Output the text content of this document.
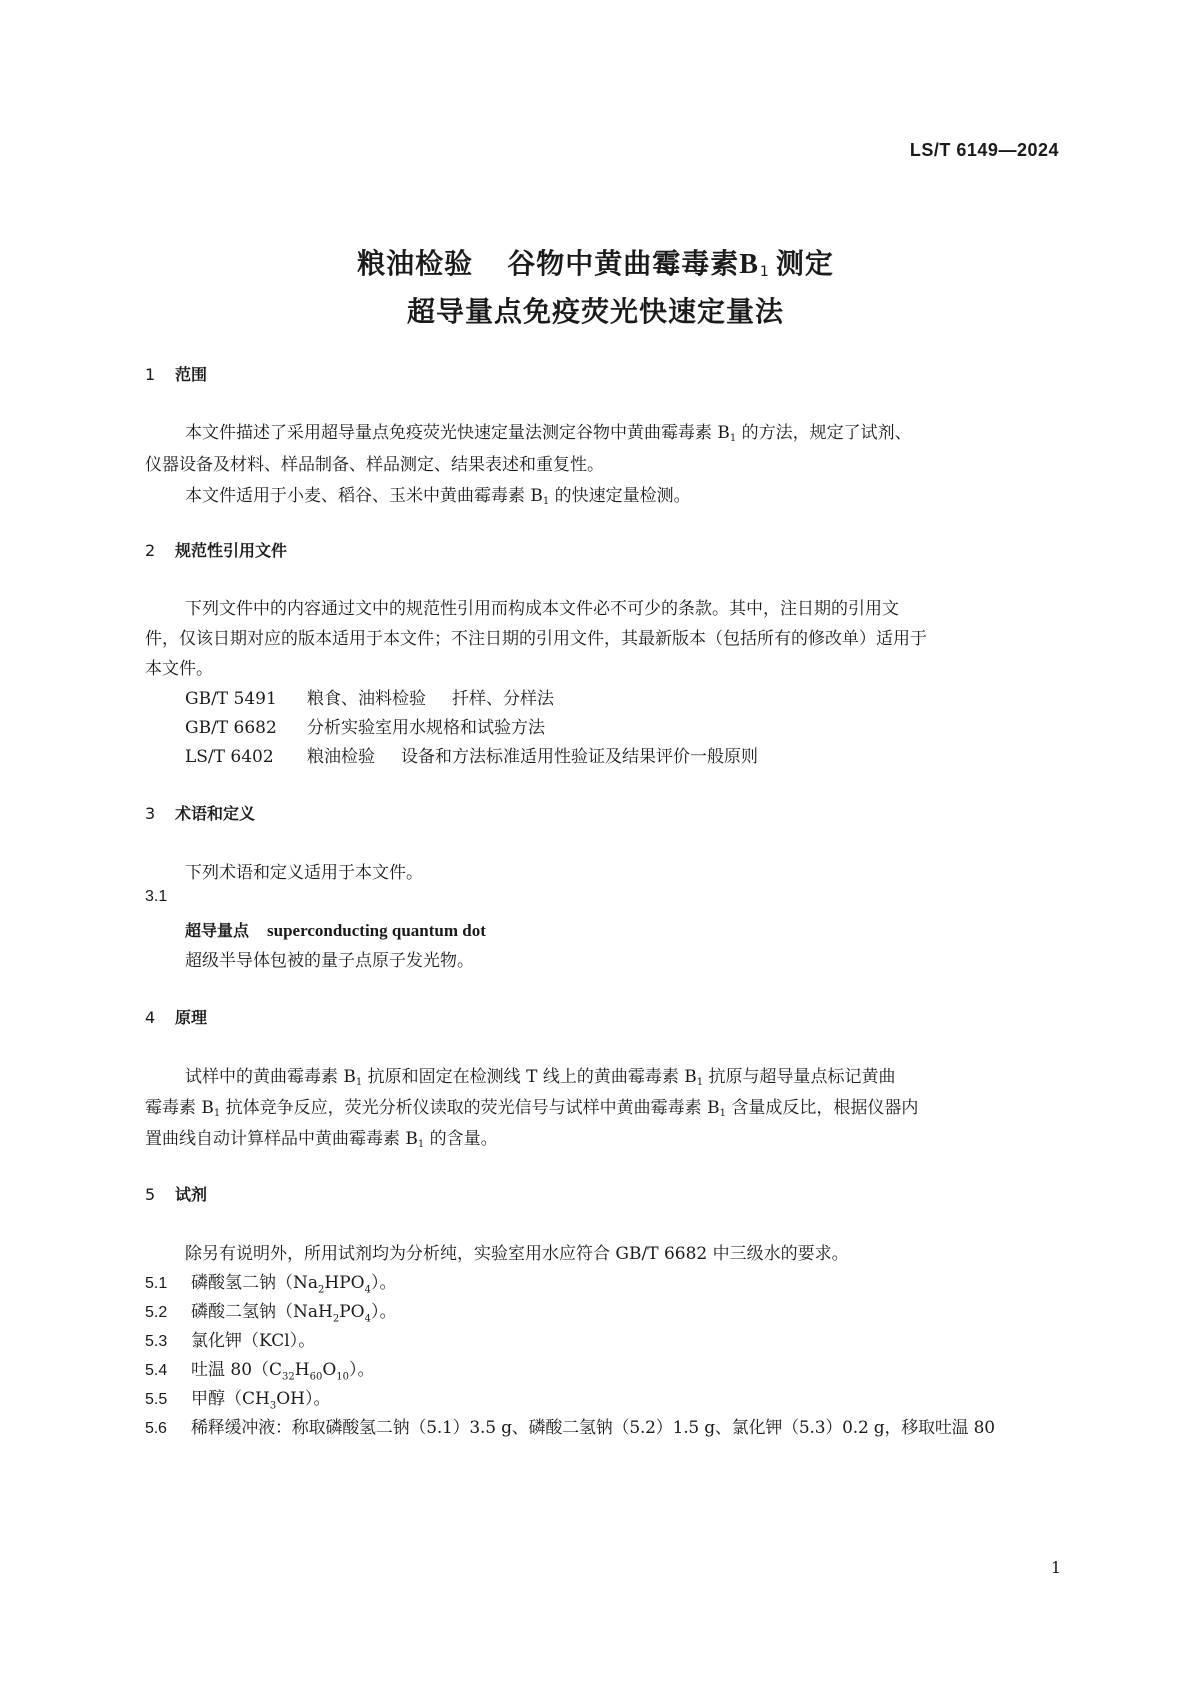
LS/T 6149—2024
粮油检验 谷物中黄曲霉毒素$B_1$ 测定
超导量点免疫荧光快速定量法
1 范围
本文件描述了采用超导量点免疫荧光快速定量法测定谷物中黄曲霉毒素 $B_1$ 的方法，规定了试剂、
仪器设备及材料、样品制备、样品测定、结果表述和重复性。
本文件适用于小麦、稻谷、玉米中黄曲霉毒素 $B_1$ 的快速定量检测。
2 规范性引用文件
下列文件中的内容通过文中的规范性引用而构成本文件必不可少的条款。其中，注日期的引用文
件，仅该日期对应的版本适用于本文件；不注日期的引用文件，其最新版本（包括所有的修改单）适用于
本文件。
GB/T 5491 粮食、油料检验 扦样、分样法
GB/T 6682 分析实验室用水规格和试验方法
LS/T 6402 粮油检验 设备和方法标准适用性验证及结果评价一般原则
3 术语和定义
下列术语和定义适用于本文件。
3.1
超导量点 superconducting quantum dot
超级半导体包被的量子点原子发光物。
4 原理
试样中的黄曲霉毒素 $B_1$ 抗原和固定在检测线 T 线上的黄曲霉毒素 $B_1$ 抗原与超导量点标记黄曲
霉毒素 $B_1$ 抗体竞争反应，荧光分析仪读取的荧光信号与试样中黄曲霉毒素 $B_1$ 含量成反比，根据仪器内
置曲线自动计算样品中黄曲霉毒素 $B_1$ 的含量。
5 试剂
除另有说明外，所用试剂均为分析纯，实验室用水应符合 GB/T 6682 中三级水的要求。
5.1 磷酸氢二钠$(Na_2HPO_4)$。
5.2 磷酸二氢钠$(NaH_2PO_4)$。
5.3 氯化钾（KCl）。
5.4 吐温 $80(C_{32}H_{60}O_{10})$。
5.5 甲醇$(CH_3OH)$。
5.6 稀释缓冲液：称取磷酸氢二钠（5.1）3.5 g、磷酸二氢钠（5.2）1.5 g、氯化钾（5.3）0.2 g，移取吐温 80
1
